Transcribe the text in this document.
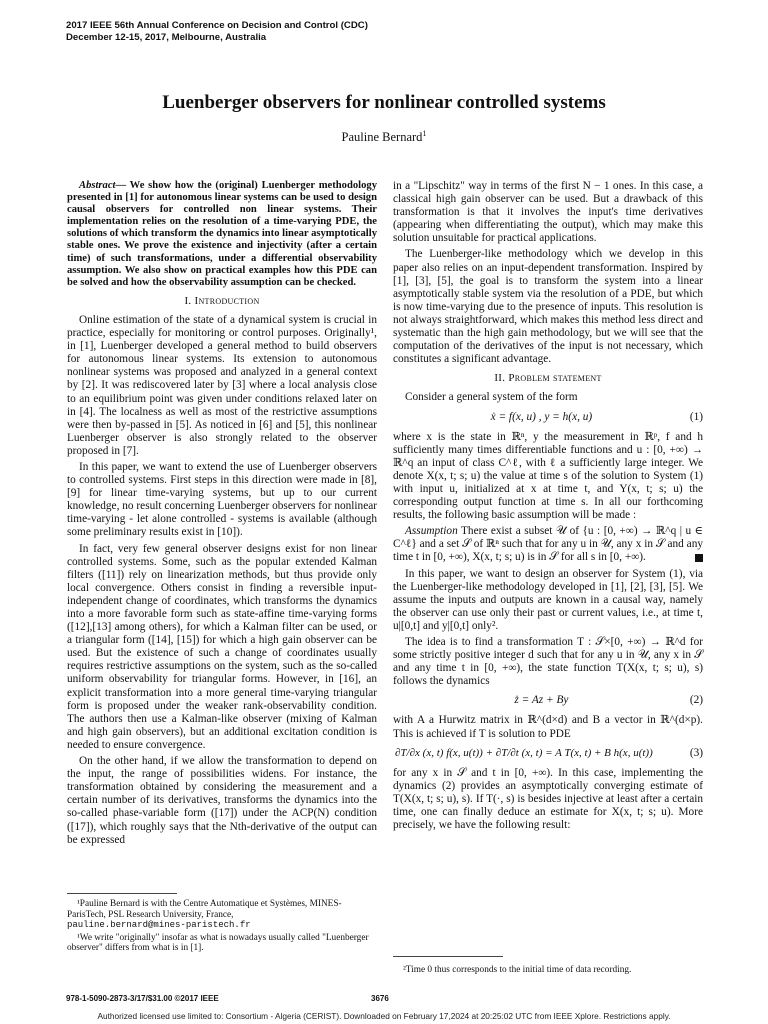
2017 IEEE 56th Annual Conference on Decision and Control (CDC)
December 12-15, 2017, Melbourne, Australia
Luenberger observers for nonlinear controlled systems
Pauline Bernard$^1$

Abstract— We show how the (original) Luenberger methodology presented in [1] for autonomous linear systems can be used to design causal observers for controlled non linear systems. Their implementation relies on the resolution of a time-varying PDE, the solutions of which transform the dynamics into linear asymptotically stable ones. We prove the existence and injectivity (after a certain time) of such transformations, under a differential observability assumption. We also show on practical examples how this PDE can be solved and how the observability assumption can be checked.

I. Introduction

Online estimation of the state of a dynamical system is crucial in practice, especially for monitoring or control purposes. Originally¹, in [1], Luenberger developed a general method to build observers for autonomous linear systems. Its extension to autonomous nonlinear systems was proposed and analyzed in a general context by [2]. It was rediscovered later by [3] where a local analysis close to an equilibrium point was given under conditions relaxed later on in [4]. The localness as well as most of the restrictive assumptions were then by-passed in [5]. As noticed in [6] and [5], this nonlinear Luenberger observer is also strongly related to the observer proposed in [7].

In this paper, we want to extend the use of Luenberger observers to controlled systems. First steps in this direction were made in [8], [9] for linear time-varying systems, but up to our current knowledge, no result concerning Luenberger observers for nonlinear time-varying - let alone controlled - systems is available (although some preliminary results exist in [10]).

In fact, very few general observer designs exist for non linear controlled systems. Some, such as the popular extended Kalman filters ([11]) rely on linearization methods, but thus provide only local convergence. Others consist in finding a reversible input-independent change of coordinates, which transforms the dynamics into a more favorable form such as state-affine time-varying forms ([12],[13] among others), for which a Kalman filter can be used, or a triangular form ([14], [15]) for which a high gain observer can be used. But the existence of such a change of coordinates usually requires restrictive assumptions on the system, such as the so-called uniform observability for triangular forms. However, in [16], an explicit transformation into a more general time-varying triangular form is proposed under the weaker rank-observability condition. The authors then use a Kalman-like observer (mixing of Kalman and high gain observers), but an additional excitation condition is needed to ensure convergence.

On the other hand, if we allow the transformation to depend on the input, the range of possibilities widens. For instance, the transformation obtained by considering the measurement and a certain number of its derivatives, transforms the dynamics into the so-called phase-variable form ([17]) under the ACP(N) condition ([17]), which roughly says that the Nth-derivative of the output can be expressed

in a "Lipschitz" way in terms of the first N − 1 ones. In this case, a classical high gain observer can be used. But a drawback of this transformation is that it involves the input's time derivatives (appearing when differentiating the output), which may make this solution unsuitable for practical applications.

The Luenberger-like methodology which we develop in this paper also relies on an input-dependent transformation. Inspired by [1], [3], [5], the goal is to transform the system into a linear asymptotically stable system via the resolution of a PDE, but which is now time-varying due to the presence of inputs. This resolution is not always straightforward, which makes this method less direct and systematic than the high gain methodology, but we will see that the computation of the derivatives of the input is not necessary, which constitutes a significant advantage.

II. Problem statement

Consider a general system of the form

ẋ = f(x, u) , y = h(x, u)	(1)

where x is the state in ℝⁿ, y the measurement in ℝᵖ, f and h sufficiently many times differentiable functions and u : [0, +∞) → ℝ^q an input of class C^ℓ, with ℓ a sufficiently large integer. We denote X(x, t; s; u) the value at time s of the solution to System (1) with input u, initialized at x at time t, and Y(x, t; s; u) the corresponding output function at time s. In all our forthcoming results, the following basic assumption will be made :

Assumption There exist a subset 𝒰 of {u : [0, +∞) → ℝ^q | u ∈ C^ℓ} and a set 𝒮 of ℝⁿ such that for any u in 𝒰, any x in 𝒮 and any time t in [0, +∞), X(x, t; s; u) is in 𝒮 for all s in [0, +∞).

In this paper, we want to design an observer for System (1), via the Luenberger-like methodology developed in [1], [2], [3], [5]. We assume the inputs and outputs are known in a causal way, namely the observer can use only their past or current values, i.e., at time t, u|[0,t] and y|[0,t] only².

The idea is to find a transformation T : 𝒮×[0, +∞) → ℝ^d for some strictly positive integer d such that for any u in 𝒰, any x in 𝒮 and any time t in [0, +∞), the state function T(X(x, t; s; u), s) follows the dynamics

ż = Az + By	(2)

with A a Hurwitz matrix in ℝ^(d×d) and B a vector in ℝ^(d×p). This is achieved if T is solution to PDE

∂T/∂x (x, t) f(x, u(t)) + ∂T/∂t (x, t) = A T(x, t) + B h(x, u(t))	(3)

for any x in 𝒮 and t in [0, +∞). In this case, implementing the dynamics (2) provides an asymptotically converging estimate of T(X(x, t; s; u), s). If T(·, s) is besides injective at least after a certain time, one can finally deduce an estimate for X(x, t; s; u). More precisely, we have the following result:

¹Pauline Bernard is with the Centre Automatique et Systèmes, MINES-ParisTech, PSL Research University, France,
pauline.bernard@mines-paristech.fr

¹We write "originally" insofar as what is nowadays usually called "Luenberger observer" differs from what is in [1].

²Time 0 thus corresponds to the initial time of data recording.

978-1-5090-2873-3/17/$31.00 ©2017 IEEE	3676
Authorized licensed use limited to: Consortium - Algeria (CERIST). Downloaded on February 17,2024 at 20:25:02 UTC from IEEE Xplore. Restrictions apply.
